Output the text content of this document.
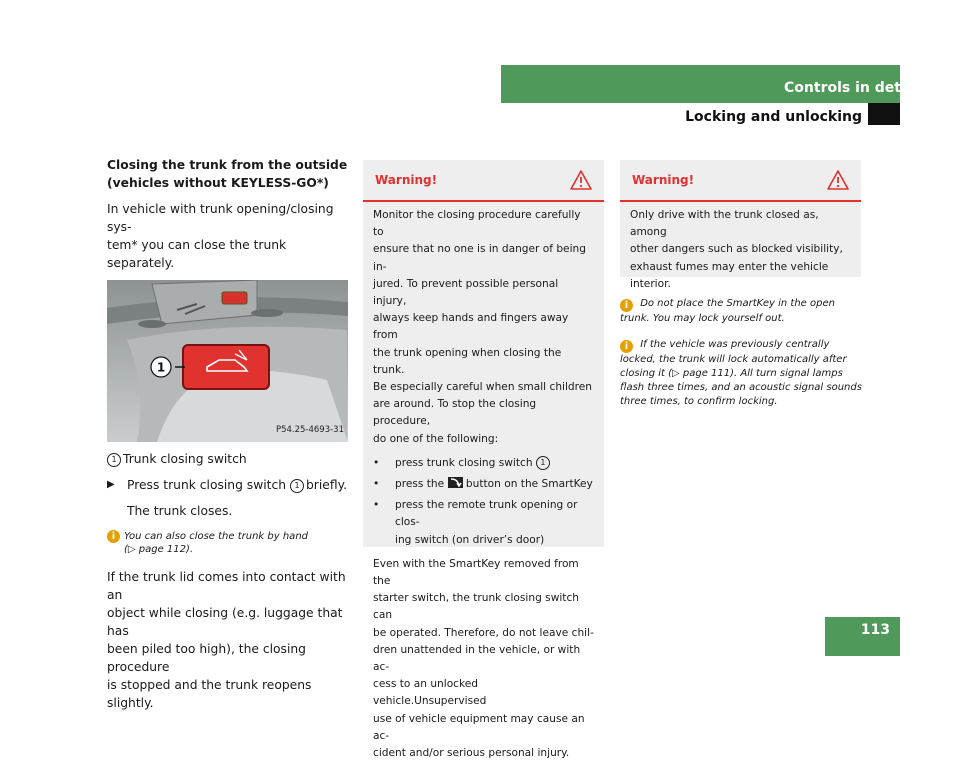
Controls in detail
Locking and unlocking
Closing the trunk from the outside
(vehicles without KEYLESS-GO*)

In vehicle with trunk opening/closing sys-
tem* you can close the trunk separately.

1
P54.25-4693-31

1 Trunk closing switch

▶ Press trunk closing switch 1 briefly.

The trunk closes.

i You can also close the trunk by hand
(▷ page 112).

If the trunk lid comes into contact with an
object while closing (e.g. luggage that has
been piled too high), the closing procedure
is stopped and the trunk reopens slightly.

Warning!

Monitor the closing procedure carefully to

ensure that no one is in danger of being in-

jured. To prevent possible personal injury,

always keep hands and fingers away from

the trunk opening when closing the trunk.

Be especially careful when small children

are around. To stop the closing procedure,

do one of the following:

•	press trunk closing switch 1
•	press the button on the SmartKey
•	press the remote trunk opening or clos-
ing switch (on driver’s door)

Even with the SmartKey removed from the

starter switch, the trunk closing switch can

be operated. Therefore, do not leave chil-

dren unattended in the vehicle, or with ac-

cess to an unlocked vehicle.Unsupervised

use of vehicle equipment may cause an ac-

cident and/or serious personal injury.

Warning!

Only drive with the trunk closed as, among

other dangers such as blocked visibility,

exhaust fumes may enter the vehicle

interior.

i Do not place the SmartKey in the open
trunk. You may lock yourself out.
i If the vehicle was previously centrally
locked, the trunk will lock automatically after
closing it (▷ page 111). All turn signal lamps
flash three times, and an acoustic signal sounds
three times, to confirm locking.
113
